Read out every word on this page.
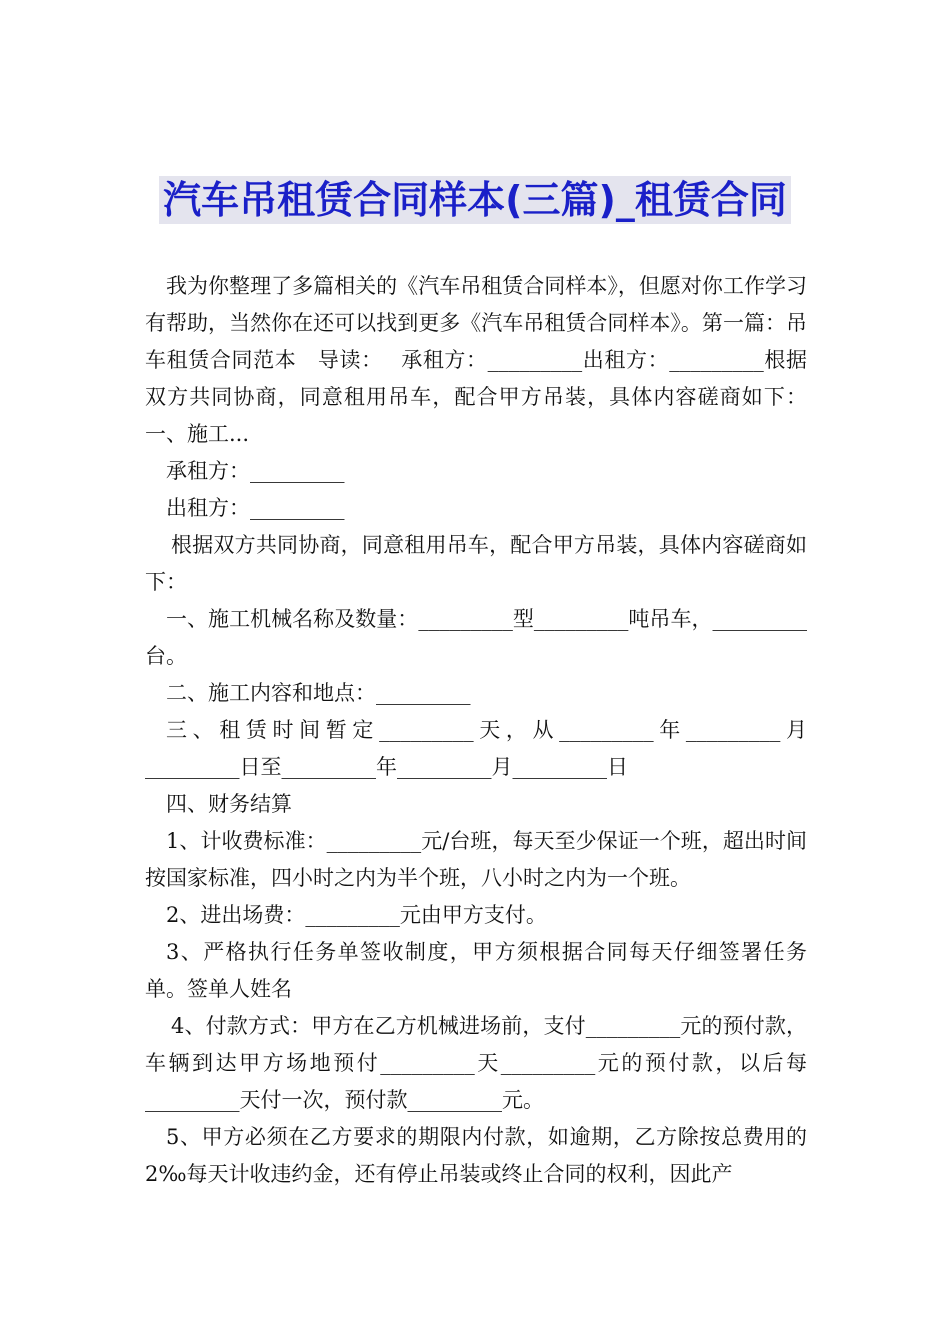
汽车吊租赁合同样本(三篇)_租赁合同

我为你整理了多篇相关的《汽车吊租赁合同样本》，但愿对你工作学习有帮助，当然你在还可以找到更多《汽车吊租赁合同样本》。第一篇：吊车租赁合同范本　导读：　 承租方：_________出租方：_________根据双方共同协商，同意租用吊车，配合甲方吊装，具体内容磋商如下：一、施工...

承租方：_________

出租方：_________

根据双方共同协商，同意租用吊车，配合甲方吊装，具体内容磋商如下：

一、施工机械名称及数量：_________型_________吨吊车，_________台。

二、施工内容和地点：_________

三、租赁时间暂定_________天，从_________年_________月_________日至_________年_________月_________日

四、财务结算

1、计收费标准：_________元/台班，每天至少保证一个班，超出时间按国家标准，四小时之内为半个班，八小时之内为一个班。

2、进出场费：_________元由甲方支付。

3、严格执行任务单签收制度，甲方须根据合同每天仔细签署任务单。签单人姓名

4、付款方式：甲方在乙方机械进场前，支付_________元的预付款，车辆到达甲方场地预付_________天_________元的预付款，以后每_________天付一次，预付款_________元。

5、甲方必须在乙方要求的期限内付款，如逾期，乙方除按总费用的2‰每天计收违约金，还有停止吊装或终止合同的权利，因此产
